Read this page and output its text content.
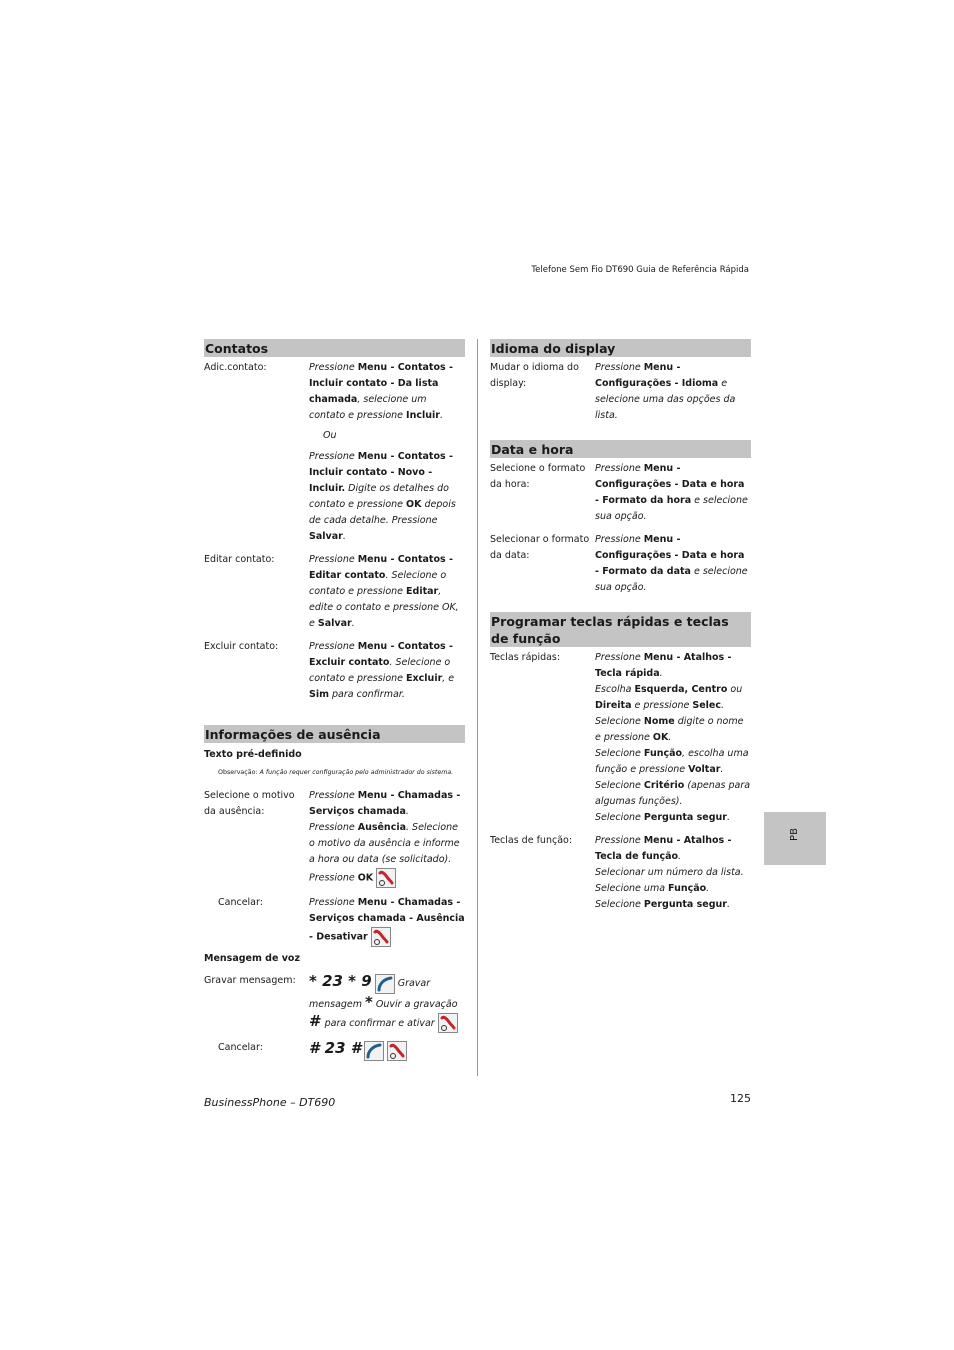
Telefone Sem Fio DT690 Guia de Referência Rápida
Contatos
Adic.contato:	Pressione Menu - Contatos - Incluir contato - Da lista chamada, selecione um contato e pressione Incluir.
Ou
Pressione Menu - Contatos - Incluir contato - Novo - Incluir. Digite os detalhes do contato e pressione OK depois de cada detalhe. Pressione Salvar.
Editar contato:	Pressione Menu - Contatos - Editar contato. Selecione o contato e pressione Editar, edite o contato e pressione OK, e Salvar.
Excluir contato:	Pressione Menu - Contatos - Excluir contato. Selecione o contato e pressione Excluir, e Sim para confirmar.
Informações de ausência
Texto pré-definido
Observação: A função requer configuração pelo administrador do sistema.
Selecione o motivo da ausência:
Pressione Menu - Chamadas - Serviços chamada.
Pressione Ausência. Selecione o motivo da ausência e informe a hora ou data (se solicitado). Pressione OK
Cancelar:	Pressione Menu - Chamadas - Serviços chamada - Ausência - Desativar
Mensagem de voz
Gravar mensagem: * 23 * 9  Gravar mensagem * Ouvir a gravação # para confirmar e ativar
Cancelar:	# 23 #
Idioma do display
Mudar o idioma do display:
Pressione Menu - Configurações - Idioma e selecione uma das opções da lista.
Data e hora
Selecione o formato da hora:
Pressione Menu - Configurações - Data e hora - Formato da hora e selecione sua opção.
Selecionar o formato da data:
Pressione Menu - Configurações - Data e hora - Formato da data e selecione sua opção.
Programar teclas rápidas e teclas de função
Teclas rápidas:	Pressione Menu - Atalhos - Tecla rápida.
Escolha Esquerda, Centro ou Direita e pressione Selec.
Selecione Nome digite o nome e pressione OK.
Selecione Função, escolha uma função e pressione Voltar.
Selecione Critério (apenas para algumas funções).
Selecione Pergunta segur.
Teclas de função:	Pressione Menu - Atalhos - Tecla de função.
Selecionar um número da lista.
Selecione uma Função.
Selecione Pergunta segur.
PB
BusinessPhone – DT690	125
